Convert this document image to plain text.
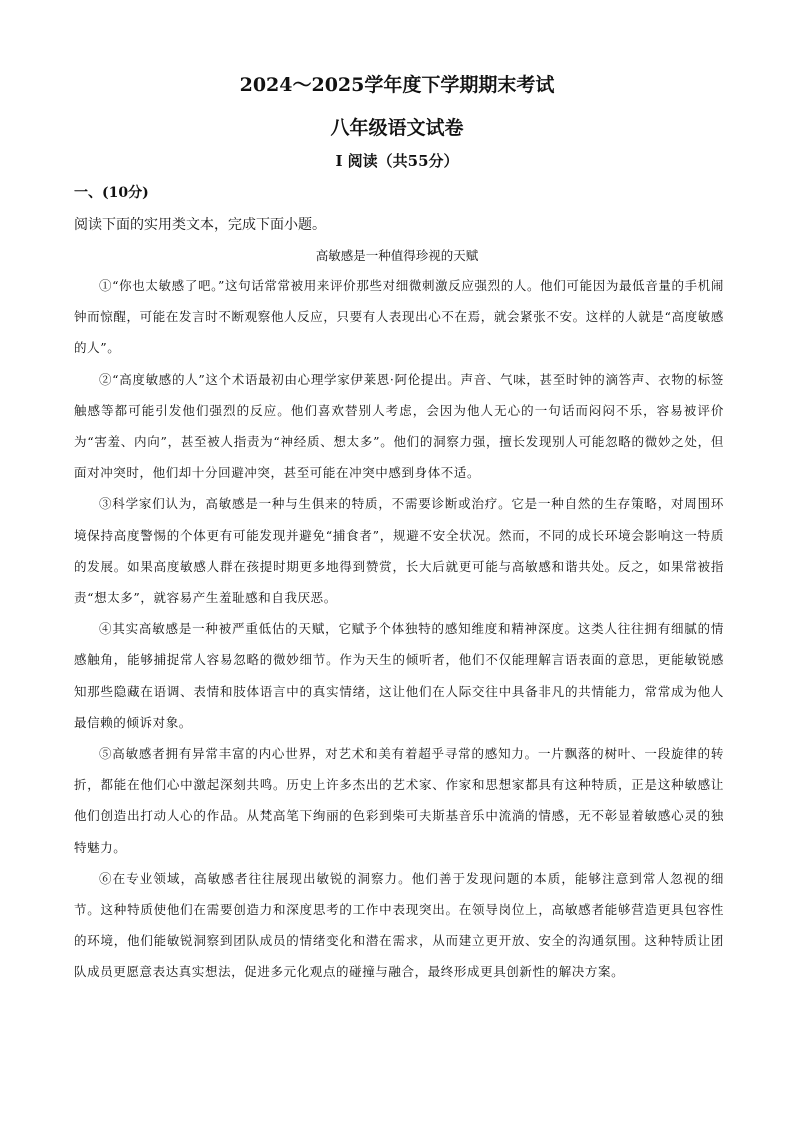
2024～2025学年度下学期期末考试
八年级语文试卷
Ⅰ 阅读（共55分）

一、(10分)

阅读下面的实用类文本，完成下面小题。

高敏感是一种值得珍视的天赋

①“你也太敏感了吧。”这句话常常被用来评价那些对细微刺激反应强烈的人。他们可能因为最低音量的手机闹钟而惊醒，可能在发言时不断观察他人反应，只要有人表现出心不在焉，就会紧张不安。这样的人就是“高度敏感的人”。

②“高度敏感的人”这个术语最初由心理学家伊莱恩·阿伦提出。声音、气味，甚至时钟的滴答声、衣物的标签触感等都可能引发他们强烈的反应。他们喜欢替别人考虑，会因为他人无心的一句话而闷闷不乐，容易被评价为“害羞、内向”，甚至被人指责为“神经质、想太多”。他们的洞察力强，擅长发现别人可能忽略的微妙之处，但面对冲突时，他们却十分回避冲突，甚至可能在冲突中感到身体不适。

③科学家们认为，高敏感是一种与生俱来的特质，不需要诊断或治疗。它是一种自然的生存策略，对周围环境保持高度警惕的个体更有可能发现并避免“捕食者”，规避不安全状况。然而，不同的成长环境会影响这一特质的发展。如果高度敏感人群在孩提时期更多地得到赞赏，长大后就更可能与高敏感和谐共处。反之，如果常被指责“想太多”，就容易产生羞耻感和自我厌恶。

④其实高敏感是一种被严重低估的天赋，它赋予个体独特的感知维度和精神深度。这类人往往拥有细腻的情感触角，能够捕捉常人容易忽略的微妙细节。作为天生的倾听者，他们不仅能理解言语表面的意思，更能敏锐感知那些隐藏在语调、表情和肢体语言中的真实情绪，这让他们在人际交往中具备非凡的共情能力，常常成为他人最信赖的倾诉对象。

⑤高敏感者拥有异常丰富的内心世界，对艺术和美有着超乎寻常的感知力。一片飘落的树叶、一段旋律的转折，都能在他们心中激起深刻共鸣。历史上许多杰出的艺术家、作家和思想家都具有这种特质，正是这种敏感让他们创造出打动人心的作品。从梵高笔下绚丽的色彩到柴可夫斯基音乐中流淌的情感，无不彰显着敏感心灵的独特魅力。

⑥在专业领域，高敏感者往往展现出敏锐的洞察力。他们善于发现问题的本质，能够注意到常人忽视的细节。这种特质使他们在需要创造力和深度思考的工作中表现突出。在领导岗位上，高敏感者能够营造更具包容性的环境，他们能敏锐洞察到团队成员的情绪变化和潜在需求，从而建立更开放、安全的沟通氛围。这种特质让团队成员更愿意表达真实想法，促进多元化观点的碰撞与融合，最终形成更具创新性的解决方案。
